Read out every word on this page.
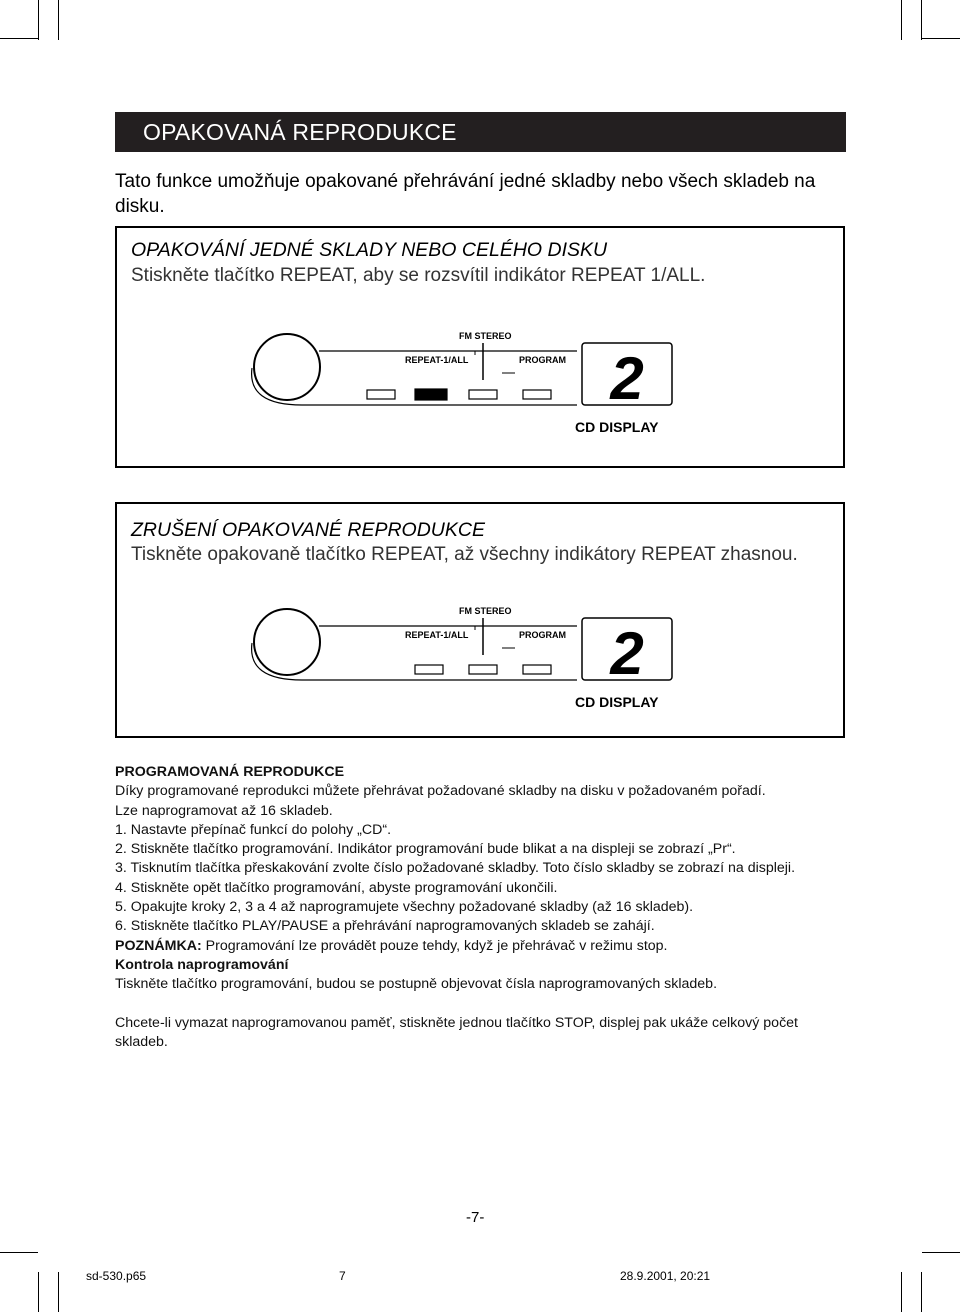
OPAKOVANÁ REPRODUKCE

Tato funkce umožňuje opakované přehrávání jedné skladby nebo všech skladeb na disku.

OPAKOVÁNÍ JEDNÉ SKLADY NEBO CELÉHO DISKU

Stiskněte tlačítko REPEAT, aby se rozsvítil indikátor REPEAT 1/ALL.

FM STEREO
REPEAT-1/ALL	PROGRAM 2
CD DISPLAY

ZRUŠENÍ OPAKOVANÉ REPRODUKCE

Tiskněte opakovaně tlačítko REPEAT, až všechny indikátory REPEAT zhasnou.

FM STEREO
REPEAT-1/ALL	PROGRAM 2
CD DISPLAY

PROGRAMOVANÁ REPRODUKCE

Díky programované reprodukci můžete přehrávat požadované skladby na disku v požadovaném pořadí.

Lze naprogramovat až 16 skladeb.

1. Nastavte přepínač funkcí do polohy „CD“.

2. Stiskněte tlačítko programování. Indikátor programování bude blikat a na displeji se zobrazí „Pr“.

3. Tisknutím tlačítka přeskakování zvolte číslo požadované skladby. Toto číslo skladby se zobrazí na displeji.

4. Stiskněte opět tlačítko programování, abyste programování ukončili.

5. Opakujte kroky 2, 3 a 4 až naprogramujete všechny požadované skladby (až 16 skladeb).

6. Stiskněte tlačítko PLAY/PAUSE a přehrávání naprogramovaných skladeb se zahájí.

POZNÁMKA: Programování lze provádět pouze tehdy, když je přehrávač v režimu stop.

Kontrola naprogramování

Tiskněte tlačítko programování, budou se postupně objevovat čísla naprogramovaných skladeb.

Chcete-li vymazat naprogramovanou paměť, stiskněte jednou tlačítko STOP, displej pak ukáže celkový počet skladeb.

-7-
sd-530.p65	7	28.9.2001, 20:21
